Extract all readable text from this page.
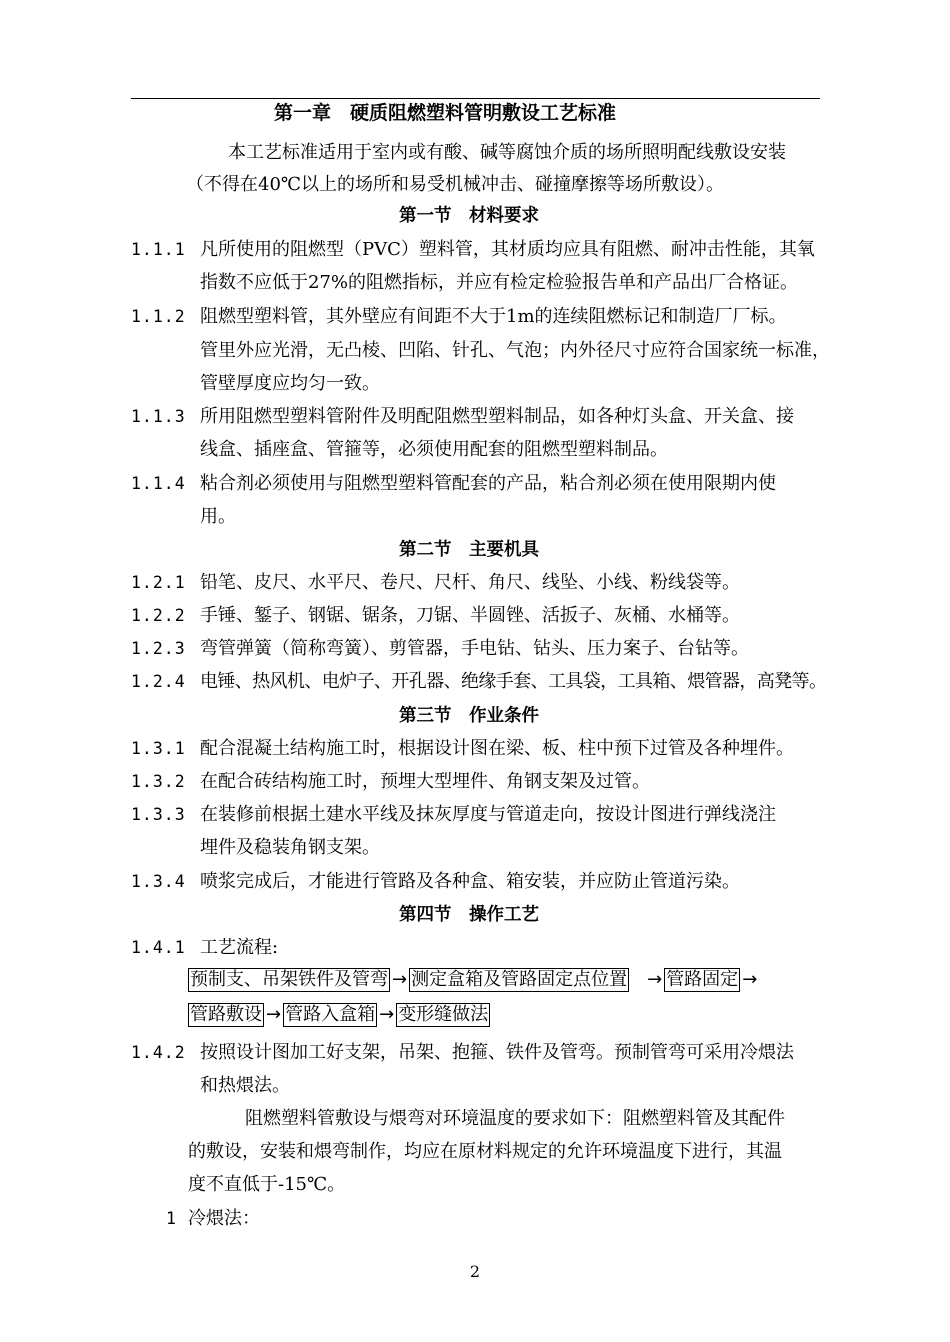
第一章　硬质阻燃塑料管明敷设工艺标准
本工艺标准适用于室内或有酸、碱等腐蚀介质的场所照明配线敷设安装
（不得在40℃以上的场所和易受机械冲击、碰撞摩擦等场所敷设）。
第一节　材料要求
1.1.1 凡所使用的阻燃型（PVC）塑料管，其材质均应具有阻燃、耐冲击性能，其氧
指数不应低于27%的阻燃指标，并应有检定检验报告单和产品出厂合格证。
1.1.2 阻燃型塑料管，其外壁应有间距不大于1m的连续阻燃标记和制造厂厂标。
管里外应光滑，无凸棱、凹陷、针孔、气泡；内外径尺寸应符合国家统一标准，
管壁厚度应均匀一致。
1.1.3 所用阻燃型塑料管附件及明配阻燃型塑料制品，如各种灯头盒、开关盒、接
线盒、插座盒、管箍等，必须使用配套的阻燃型塑料制品。
1.1.4 粘合剂必须使用与阻燃型塑料管配套的产品，粘合剂必须在使用限期内使
用。
第二节　主要机具
1.2.1 铅笔、皮尺、水平尺、卷尺、尺杆、角尺、线坠、小线、粉线袋等。
1.2.2 手锤、錾子、钢锯、锯条，刀锯、半圆锉、活扳子、灰桶、水桶等。
1.2.3 弯管弹簧（简称弯簧）、剪管器，手电钻、钻头、压力案子、台钻等。
1.2.4 电锤、热风机、电炉子、开孔器、绝缘手套、工具袋，工具箱、煨管器，高凳等。
第三节　作业条件
1.3.1 配合混凝土结构施工时，根据设计图在梁、板、柱中预下过管及各种埋件。
1.3.2 在配合砖结构施工时，预埋大型埋件、角钢支架及过管。
1.3.3 在装修前根据土建水平线及抹灰厚度与管道走向，按设计图进行弹线浇注
埋件及稳装角钢支架。
1.3.4 喷浆完成后，才能进行管路及各种盒、箱安装，并应防止管道污染。
第四节　操作工艺
1.4.1 工艺流程:
预制支、吊架铁件及管弯 → 测定盒箱及管路固定点位置 → 管路固定 →
管路敷设 → 管路入盒箱 → 变形缝做法
1.4.2 按照设计图加工好支架，吊架、抱箍、铁件及管弯。预制管弯可采用冷煨法
和热煨法。
阻燃塑料管敷设与煨弯对环境温度的要求如下：阻燃塑料管及其配件
的敷设，安装和煨弯制作，均应在原材料规定的允许环境温度下进行，其温
度不直低于-15℃。
1 冷煨法：
2
